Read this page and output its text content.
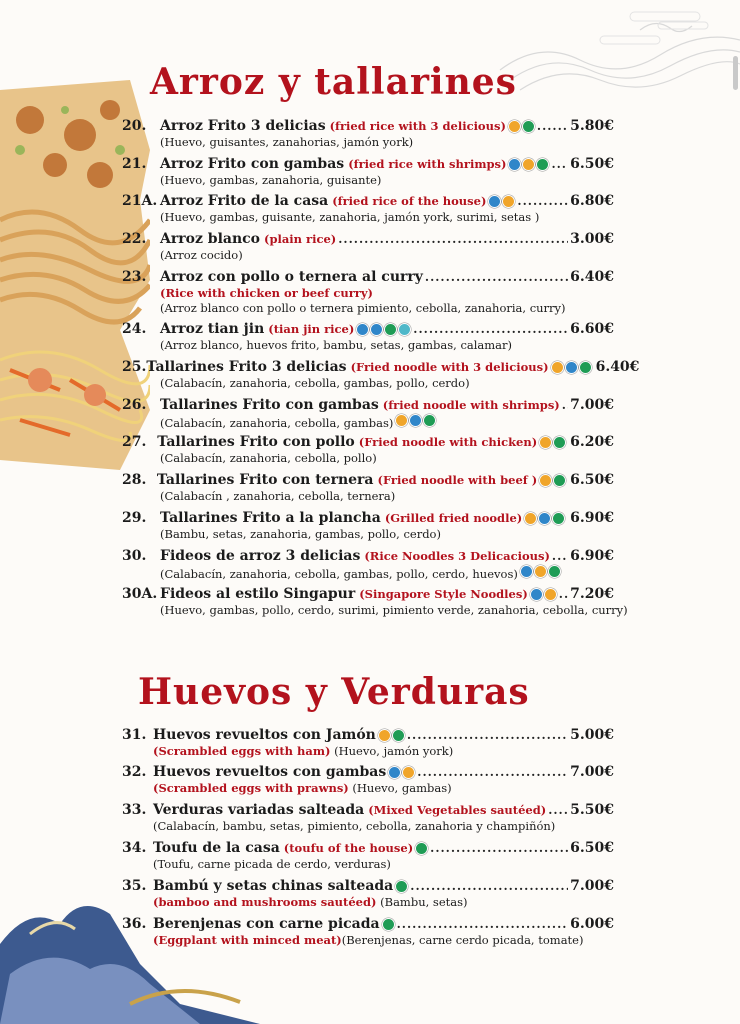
Arroz y tallarines
20. Arroz Frito 3 delicias (fried rice with 3 delicious) .....	5.80€
(Huevo, guisantes, zanahorias, jamón york)
21. Arroz Frito con gambas (fried rice with shrimps) .....	6.50€
(Huevo, gambas, zanahoria, guisante)
21A. Arroz Frito de la casa (fried rice of the house) .....	6.80€
(Huevo, gambas, guisante, zanahoria, jamón york, surimi, setas )
22. Arroz blanco (plain rice) .....	3.00€
(Arroz cocido)
23. Arroz con pollo o ternera al curry .....	6.40€
(Rice with chicken or beef curry)
(Arroz blanco con pollo o ternera pimiento, cebolla, zanahoria, curry)
24. Arroz tian jin (tian jin rice) .....	6.60€
(Arroz blanco, huevos frito, bambu, setas, gambas, calamar)
25. Tallarines Frito 3 delicias (Fried noodle with 3 delicious)	6.40€
(Calabacín, zanahoria, cebolla, gambas, pollo, cerdo)
26. Tallarines Frito con gambas (fried noodle with shrimps) ..... 7.00€
(Calabacín, zanahoria, cebolla, gambas)
27. Tallarines Frito con pollo (Fried noodle with chicken) 6.20€
(Calabacín, zanahoria, cebolla, pollo)
28. Tallarines Frito con ternera (Fried noodle with beef ) 6.50€
(Calabacín , zanahoria, cebolla, ternera)
29. Tallarines Frito a la plancha (Grilled fried noodle) .....	6.90€
(Bambu, setas, zanahoria, gambas, pollo, cerdo)
30. Fideos de arroz 3 delicias (Rice Noodles 3 Delicacious) ..... 6.90€
(Calabacín, zanahoria, cebolla, gambas, pollo, cerdo, huevos)
30A. Fideos al estilo Singapur (Singapore Style Noodles) .....	7.20€
(Huevo, gambas, pollo, cerdo, surimi, pimiento verde, zanahoria, cebolla, curry)
Huevos y Verduras
31. Huevos revueltos con Jamón .....	5.00€
(Scrambled eggs with ham) (Huevo, jamón york)
32. Huevos revueltos con gambas .....	7.00€
(Scrambled eggs with prawns) (Huevo, gambas)
33. Verduras variadas salteada (Mixed Vegetables sautéed) ..... 5.50€
(Calabacín, bambu, setas, pimiento, cebolla, zanahoria y champiñón)
34. Toufu de la casa (toufu of the house) .....	6.50€
(Toufu, carne picada de cerdo, verduras)
35. Bambú y setas chinas salteada .....	7.00€
(bamboo and mushrooms sautéed) (Bambu, setas)
36. Berenjenas con carne picada .....	6.00€
(Eggplant with minced meat)(Berenjenas, carne cerdo picada, tomate)
